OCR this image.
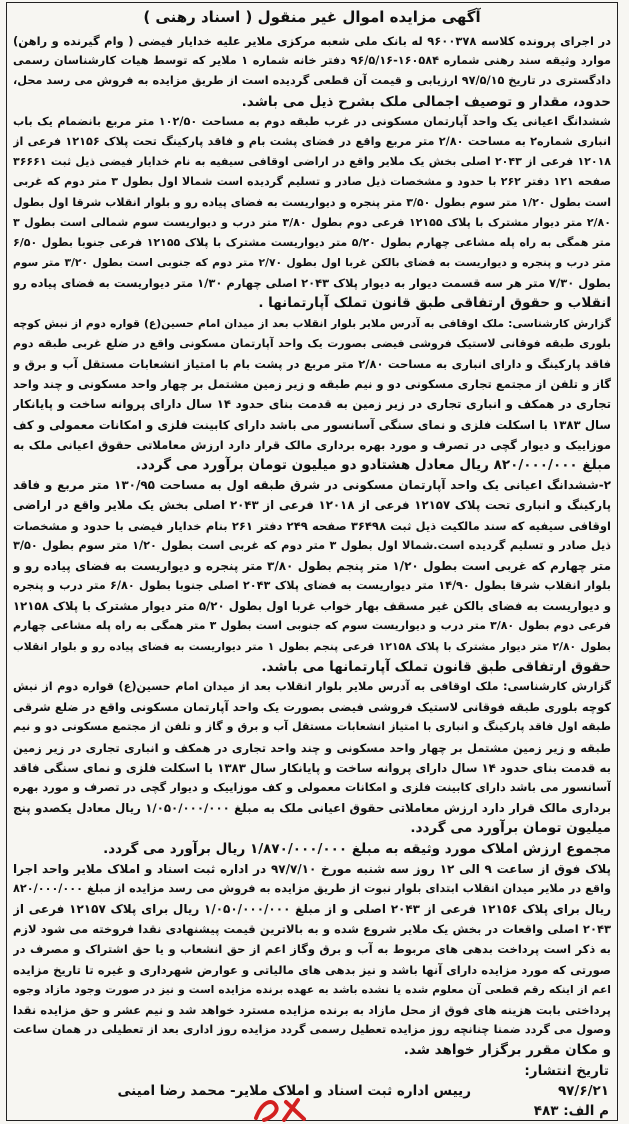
آگهی مزایده اموال غیر منقول ( اسناد رهنی )
در اجرای پرونده کلاسه ۹۶۰۰۳۷۸ له بانک ملی شعبه مرکزی ملایر علیه خدایار فیضی ( وام گیرنده و راهن)
موارد وثیقه سند رهنی شماره ۱۶۰۵۸۴-۹۶/۵/۱۶ دفتر خانه شماره ۱ ملایر که توسط هیات کارشناسان رسمی
دادگستری در تاریخ ۹۷/۵/۱۵ ارزیابی و قیمت آن قطعی گردیده است از طریق مزایده به فروش می رسد محل،
حدود، مقدار و توصیف اجمالی ملک بشرح ذیل می باشد.
ششدانگ اعیانی یک واحد آپارتمان مسکونی در غرب طبقه دوم به مساحت ۱۰۲/۵۰ متر مربع بانضمام یک باب
انباری شماره۲ به مساحت ۲/۸۰ متر مربع واقع در فضای پشت بام و فاقد پارکینگ تحت پلاک ۱۲۱۵۶ فرعی از
۱۲۰۱۸ فرعی از ۲۰۴۳ اصلی بخش یک ملایر واقع در اراضی اوقافی سیفیه به نام خدایار فیضی ذیل ثبت ۳۶۶۶۱
صفحه ۱۲۱ دفتر ۲۶۲ با حدود و مشخصات ذیل صادر و تسلیم گردیده است شمالا اول بطول ۳ متر دوم که غربی
است بطول ۱/۲۰ متر سوم بطول ۳/۵۰ متر پنجره و دیواریست به فضای پیاده رو و بلوار انقلاب شرقا اول بطول
۲/۸۰ متر دیوار مشترک با پلاک ۱۲۱۵۵ فرعی دوم بطول ۳/۸۰ متر درب و دیواریست سوم شمالی است بطول ۳
متر همگی به راه پله مشاعی چهارم بطول ۵/۲۰ متر دیواریست مشترک با پلاک ۱۲۱۵۵ فرعی جنوبا بطول ۶/۵۰
متر درب و پنجره و دیواریست به فضای بالکن غربا اول بطول ۲/۷۰ متر دوم که جنوبی است بطول ۳/۲۰ متر سوم
بطول ۷/۳۰ متر هر سه قسمت دیوار به دیوار پلاک ۲۰۴۳ اصلی چهارم ۱/۳۰ متر دیواریست به فضای پیاده رو
انقلاب و حقوق ارتفاقی طبق قانون تملک آپارتمانها .
گزارش کارشناسی: ملک اوقافی به آدرس ملایر بلوار انقلاب بعد از میدان امام حسین(ع) قواره دوم از نبش کوچه
بلوری طبقه فوقانی لاستیک فروشی فیضی بصورت یک واحد آپارتمان مسکونی واقع در ضلع غربی طبقه دوم
فاقد پارکینگ و دارای انباری به مساحت ۲/۸۰ متر مربع در پشت بام با امتیاز انشعابات مستقل آب و برق و
گاز و تلفن از مجتمع تجاری مسکونی دو و نیم طبقه و زیر زمین مشتمل بر چهار واحد مسکونی و چند واحد
تجاری در همکف و انباری تجاری در زیر زمین به قدمت بنای حدود ۱۴ سال دارای پروانه ساخت و پایانکار
سال ۱۳۸۳ با اسکلت فلزی و نمای سنگی آسانسور می باشد دارای کابینت فلزی و امکانات معمولی و کف
موزاییک و دیوار گچی در تصرف و مورد بهره برداری مالک قرار دارد ارزش معاملاتی حقوق اعیانی ملک به
مبلغ ۸۲۰/۰۰۰/۰۰۰ ریال معادل هشتادو دو میلیون تومان برآورد می گردد.
۲-ششدانگ اعیانی یک واحد آپارتمان مسکونی در شرق طبقه اول به مساحت ۱۳۰/۹۵ متر مربع و فاقد
پارکینگ و انباری تحت پلاک ۱۲۱۵۷ فرعی از ۱۲۰۱۸ فرعی از ۲۰۴۳ اصلی بخش یک ملایر واقع در اراضی
اوقافی سیفیه که سند مالکیت ذیل ثبت ۳۶۴۹۸ صفحه ۲۴۹ دفتر ۲۶۱ بنام خدایار فیضی با حدود و مشخصات
ذیل صادر و تسلیم گردیده است.شمالا اول بطول ۳ متر دوم که غربی است بطول ۱/۲۰ متر سوم بطول ۳/۵۰
متر چهارم که غربی است بطول ۱/۲۰ متر پنجم بطول ۳/۸۰ متر پنجره و دیواریست به فضای پیاده رو و
بلوار انقلاب شرقا بطول ۱۴/۹۰ متر دیواریست به فضای پلاک ۲۰۴۳ اصلی جنوبا بطول ۶/۸۰ متر درب و پنجره
و دیواریست به فضای بالکن غیر مسقف بهار خواب غربا اول بطول ۵/۲۰ متر دیوار مشترک با پلاک ۱۲۱۵۸
فرعی دوم بطول ۳/۸۰ متر درب و دیواریست سوم که جنوبی است بطول ۳ متر همگی به راه پله مشاعی چهارم
بطول ۲/۸۰ متر دیوار مشترک با پلاک ۱۲۱۵۸ فرعی پنجم بطول ۱ متر دیواریست به فضای پیاده رو و بلوار انقلاب
حقوق ارتفاقی طبق قانون تملک آپارتمانها می باشد.
گزارش کارشناسی: ملک اوقافی به آدرس ملایر بلوار انقلاب بعد از میدان امام حسین(ع) قواره دوم از نبش
کوچه بلوری طبقه فوقانی لاستیک فروشی فیضی بصورت یک واحد آپارتمان مسکونی واقع در ضلع شرقی
طبقه اول فاقد پارکینگ و انباری با امتیاز انشعابات مستقل آب و برق و گاز و تلفن از مجتمع مسکونی دو و نیم
طبقه و زیر زمین مشتمل بر چهار واحد مسکونی و چند واحد تجاری در همکف و انباری تجاری در زیر زمین
به قدمت بنای حدود ۱۴ سال دارای پروانه ساخت و پایانکار سال ۱۳۸۳ با اسکلت فلزی و نمای سنگی فاقد
آسانسور می باشد دارای کابینت فلزی و امکانات معمولی و کف موزاییک و دیوار گچی در تصرف و مورد بهره
برداری مالک قرار دارد ارزش معاملاتی حقوق اعیانی ملک به مبلغ ۱/۰۵۰/۰۰۰/۰۰۰ ریال معادل یکصدو پنج
میلیون تومان برآورد می گردد.
مجموع ارزش املاک مورد وثیقه به مبلغ ۱/۸۷۰/۰۰۰/۰۰۰ ریال برآورد می گردد.
پلاک فوق از ساعت ۹ الی ۱۲ روز سه شنبه مورخ ۹۷/۷/۱۰ در اداره ثبت اسناد و املاک ملایر واحد اجرا
واقع در ملایر میدان انقلاب ابتدای بلوار نبوت از طریق مزایده به فروش می رسد مزایده از مبلغ ۸۲۰/۰۰۰/۰۰۰
ریال برای پلاک ۱۲۱۵۶ فرعی از ۲۰۴۳ اصلی و از مبلغ ۱/۰۵۰/۰۰۰/۰۰۰ ریال برای پلاک ۱۲۱۵۷ فرعی از
۲۰۴۳ اصلی واقعات در بخش یک ملایر شروع شده و به بالاترین قیمت پیشنهادی نقدا فروخته می شود لازم
به ذکر است پرداخت بدهی های مربوط به آب و برق وگاز اعم از حق انشعاب و یا حق اشتراک و مصرف در
صورتی که مورد مزایده دارای آنها باشد و نیز بدهی های مالیاتی و عوارض شهرداری و غیره تا تاریخ مزایده
اعم از اینکه رقم قطعی آن معلوم شده یا نشده باشد به عهده برنده مزایده است و نیز در صورت وجود مازاد وجوه
پرداختی بابت هزینه های فوق از محل مازاد به برنده مزایده مسترد خواهد شد و نیم عشر و حق مزایده نقدا
وصول می گردد ضمنا چنانچه روز مزایده تعطیل رسمی گردد مزایده روز اداری بعد از تعطیلی در همان ساعت
و مکان مقرر برگزار خواهد شد.
تاریخ انتشار:
۹۷/۶/۲۱
رییس اداره ثبت اسناد و املاک ملایر- محمد رضا امینی
م الف: ۴۸۳
